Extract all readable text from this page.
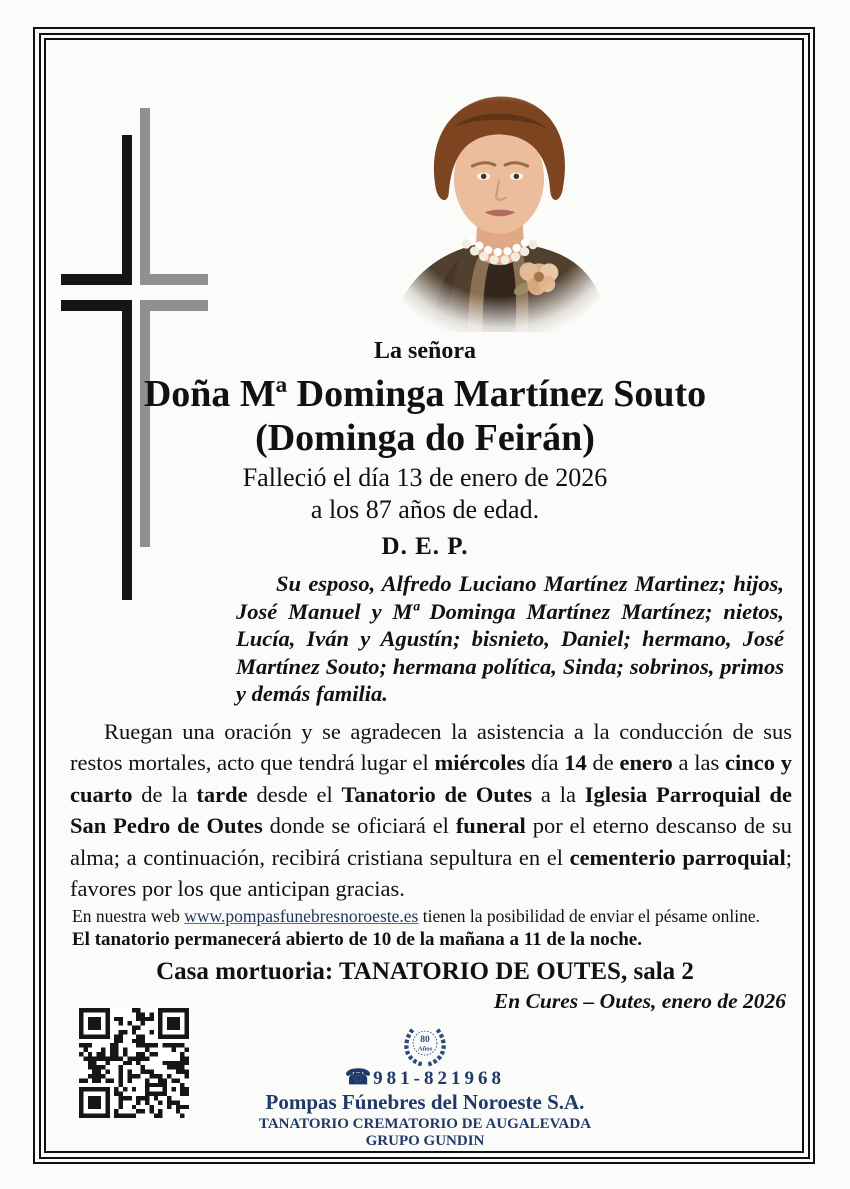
La señora
Doña Mª Dominga Martínez Souto
(Dominga do Feirán)
Falleció el día 13 de enero de 2026
a los 87 años de edad.
D. E. P.
Su esposo, Alfredo Luciano Martínez Martinez; hijos, José Manuel y Mª Dominga Martínez Martínez; nietos, Lucía, Iván y Agustín; bisnieto, Daniel; hermano, José Martínez Souto; hermana política, Sinda; sobrinos, primos y demás familia.
Ruegan una oración y se agradecen la asistencia a la conducción de sus restos mortales, acto que tendrá lugar el miércoles día 14 de enero a las cinco y cuarto de la tarde desde el Tanatorio de Outes a la Iglesia Parroquial de San Pedro de Outes donde se oficiará el funeral por el eterno descanso de su alma; a continuación, recibirá cristiana sepultura en el cementerio parroquial; favores por los que anticipan gracias.
En nuestra web www.pompasfunebresnoroeste.es tienen la posibilidad de enviar el pésame online.
El tanatorio permanecerá abierto de 10 de la mañana a 11 de la noche.
Casa mortuoria: TANATORIO DE OUTES, sala 2
En Cures – Outes, enero de 2026
80
Años
☎ 981-821968
Pompas Fúnebres del Noroeste S.A.
TANATORIO CREMATORIO DE AUGALEVADA
GRUPO GUNDIN
